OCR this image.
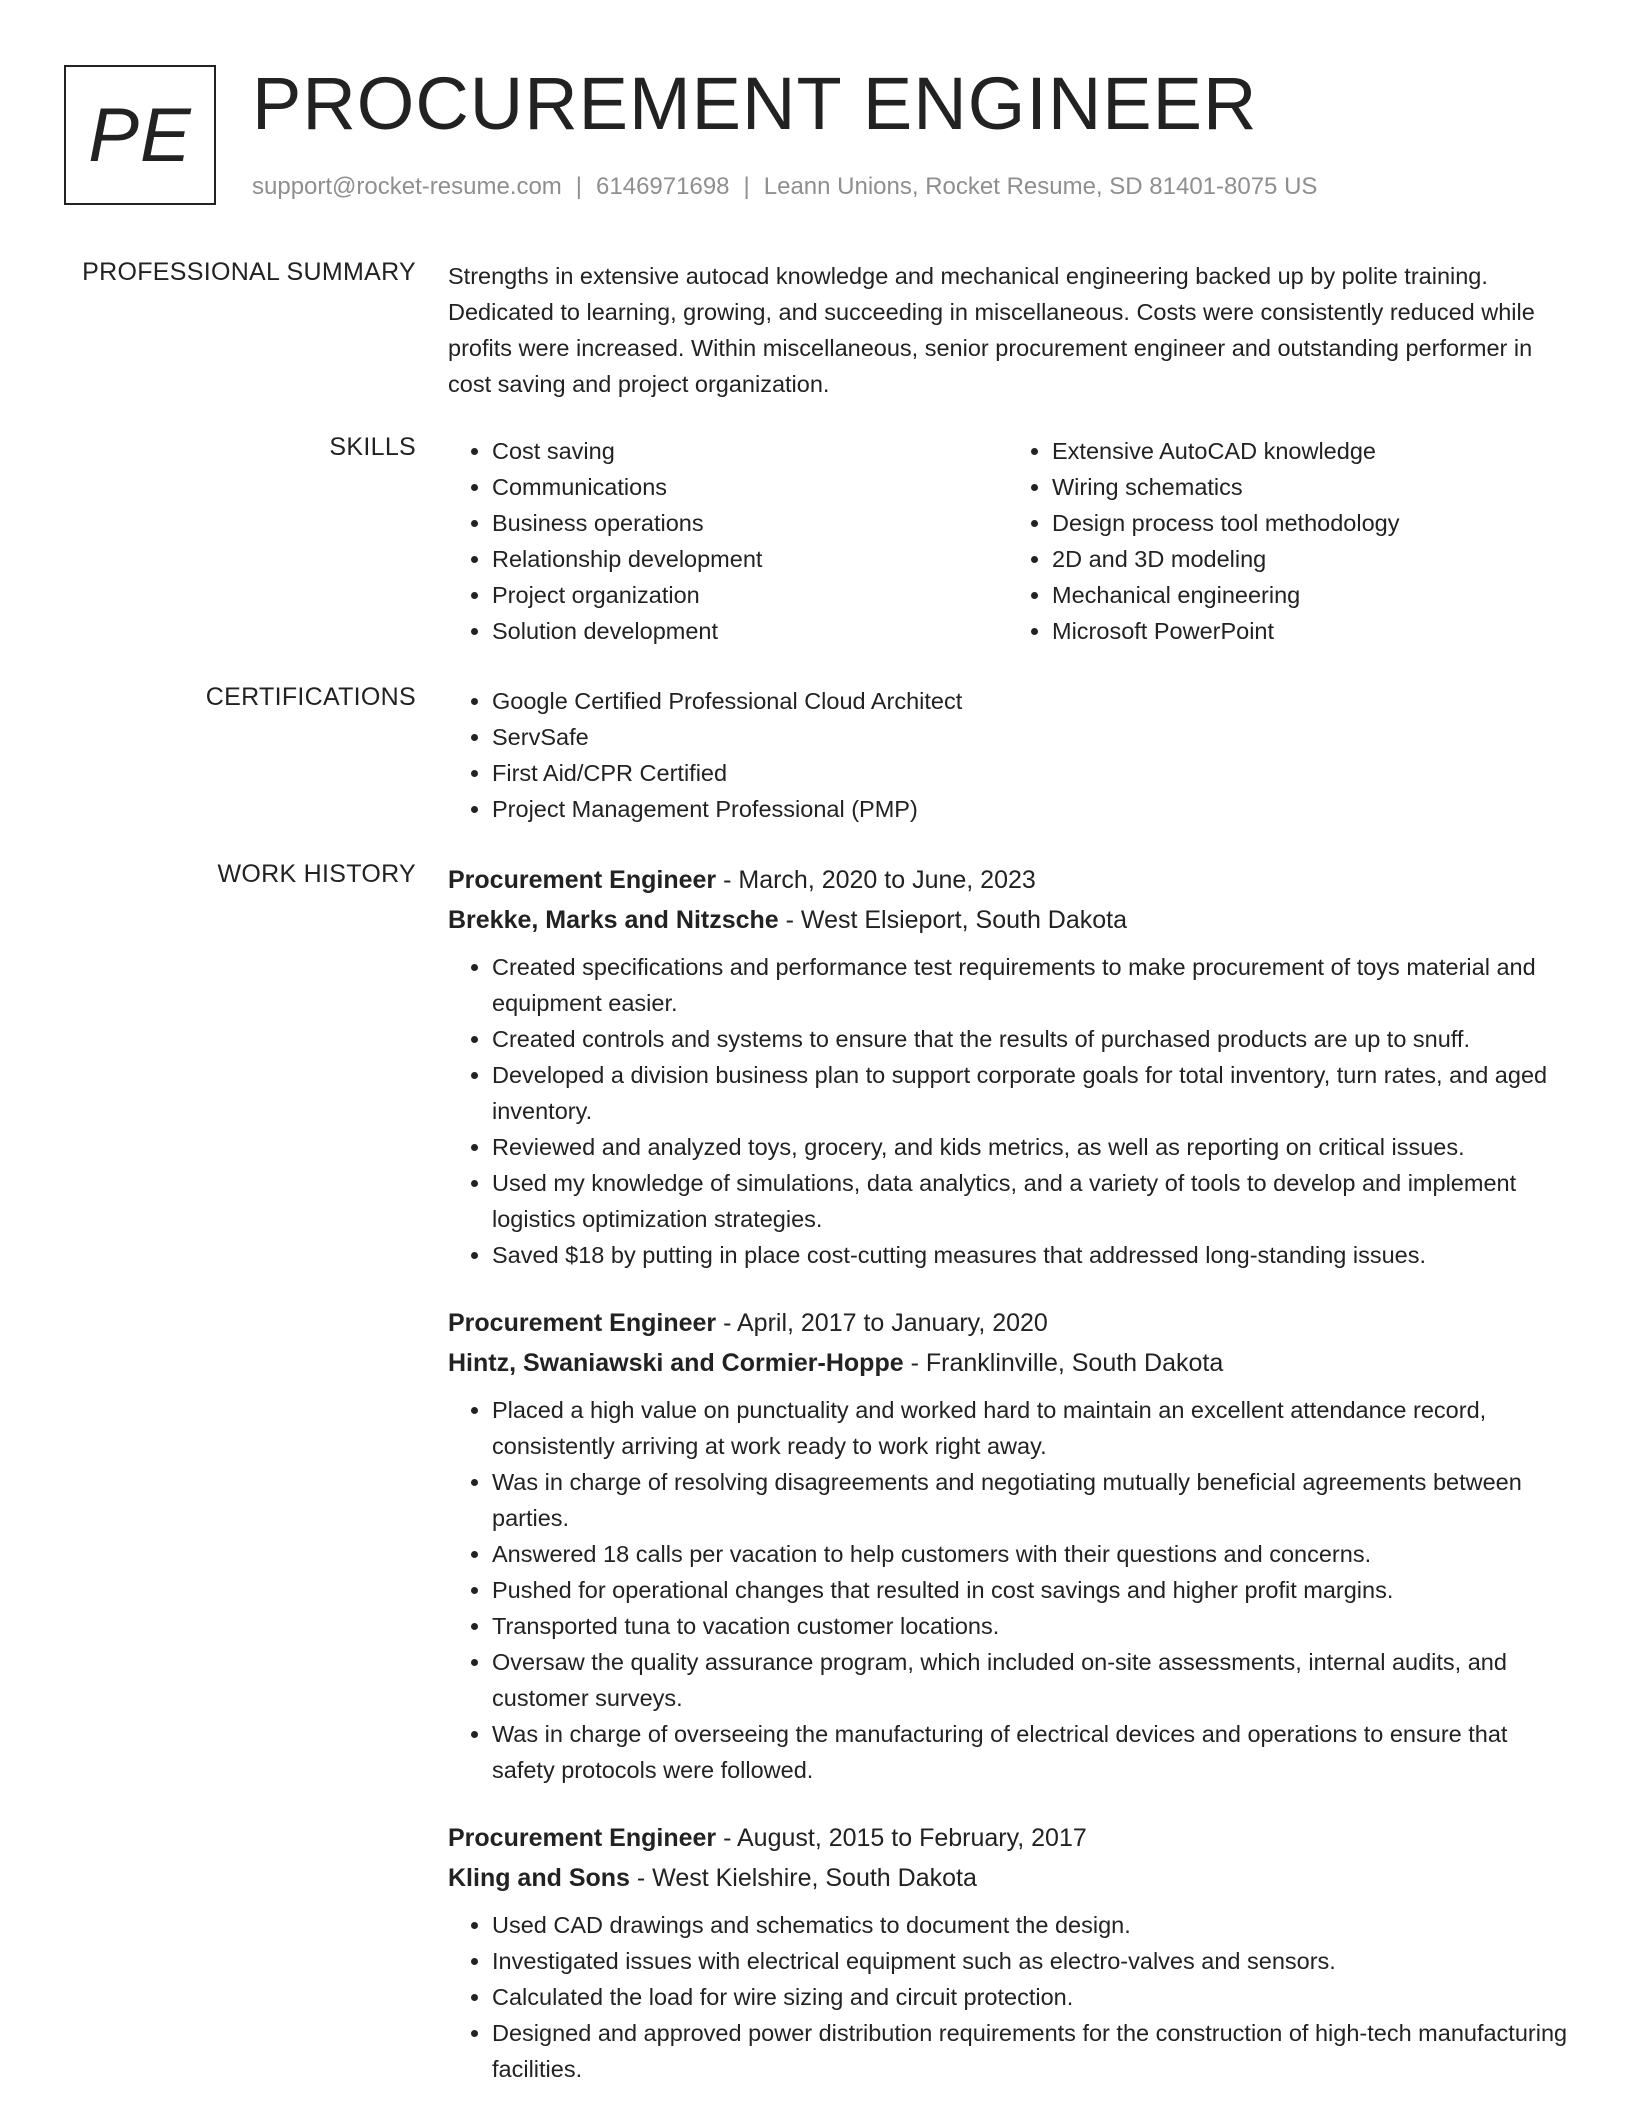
PE PROCUREMENT ENGINEER
support@rocket-resume.com | 6146971698 | Leann Unions, Rocket Resume, SD 81401-8075 US
PROFESSIONAL SUMMARY Strengths in extensive autocad knowledge and mechanical engineering backed up by polite training. Dedicated to learning, growing, and succeeding in miscellaneous. Costs were consistently reduced while profits were increased. Within miscellaneous, senior procurement engineer and outstanding performer in cost saving and project organization.
SKILLS	• Cost saving
• Communications
• Business operations
• Relationship development
• Project organization
• Solution development
• Extensive AutoCAD knowledge
• Wiring schematics
• Design process tool methodology
• 2D and 3D modeling
• Mechanical engineering
• Microsoft PowerPoint
CERTIFICATIONS	• Google Certified Professional Cloud Architect
• ServSafe
• First Aid/CPR Certified
• Project Management Professional (PMP)
WORK HISTORY Procurement Engineer - March, 2020 to June, 2023
Brekke, Marks and Nitzsche - West Elsieport, South Dakota
• Created specifications and performance test requirements to make procurement of toys material and equipment easier.
• Created controls and systems to ensure that the results of purchased products are up to snuff.
• Developed a division business plan to support corporate goals for total inventory, turn rates, and aged inventory.
• Reviewed and analyzed toys, grocery, and kids metrics, as well as reporting on critical issues.
• Used my knowledge of simulations, data analytics, and a variety of tools to develop and implement logistics optimization strategies.
• Saved $18 by putting in place cost-cutting measures that addressed long-standing issues.
Procurement Engineer - April, 2017 to January, 2020
Hintz, Swaniawski and Cormier-Hoppe - Franklinville, South Dakota
• Placed a high value on punctuality and worked hard to maintain an excellent attendance record, consistently arriving at work ready to work right away.
• Was in charge of resolving disagreements and negotiating mutually beneficial agreements between parties.
• Answered 18 calls per vacation to help customers with their questions and concerns.
• Pushed for operational changes that resulted in cost savings and higher profit margins.
• Transported tuna to vacation customer locations.
• Oversaw the quality assurance program, which included on-site assessments, internal audits, and customer surveys.
• Was in charge of overseeing the manufacturing of electrical devices and operations to ensure that safety protocols were followed.
Procurement Engineer - August, 2015 to February, 2017
Kling and Sons - West Kielshire, South Dakota
• Used CAD drawings and schematics to document the design.
• Investigated issues with electrical equipment such as electro-valves and sensors.
• Calculated the load for wire sizing and circuit protection.
• Designed and approved power distribution requirements for the construction of high-tech manufacturing facilities.
